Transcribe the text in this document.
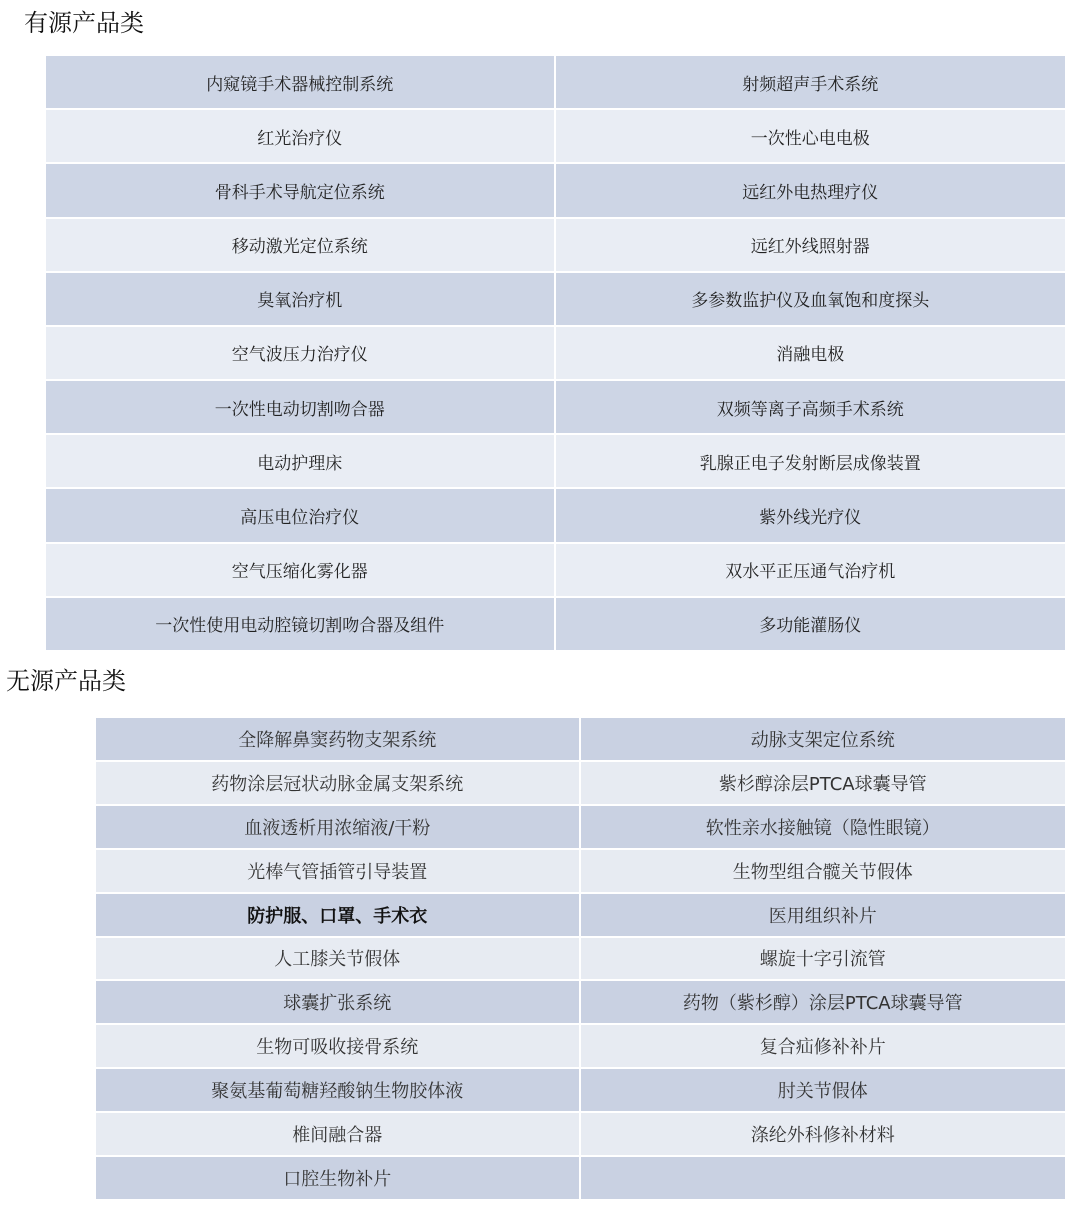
有源产品类
内窥镜手术器械控制系统	射频超声手术系统
红光治疗仪	一次性心电电极
骨科手术导航定位系统	远红外电热理疗仪
移动激光定位系统	远红外线照射器
臭氧治疗机	多参数监护仪及血氧饱和度探头
空气波压力治疗仪	消融电极
一次性电动切割吻合器	双频等离子高频手术系统
电动护理床	乳腺正电子发射断层成像装置
高压电位治疗仪	紫外线光疗仪
空气压缩化雾化器	双水平正压通气治疗机
一次性使用电动腔镜切割吻合器及组件	多功能灌肠仪
无源产品类
全降解鼻窦药物支架系统	动脉支架定位系统
药物涂层冠状动脉金属支架系统	紫杉醇涂层PTCA球囊导管
血液透析用浓缩液/干粉	软性亲水接触镜（隐性眼镜）
光棒气管插管引导装置	生物型组合髋关节假体
防护服、口罩、手术衣	医用组织补片
人工膝关节假体	螺旋十字引流管
球囊扩张系统	药物（紫杉醇）涂层PTCA球囊导管
生物可吸收接骨系统	复合疝修补补片
聚氨基葡萄糖羟酸钠生物胶体液	肘关节假体
椎间融合器	涤纶外科修补材料
口腔生物补片
